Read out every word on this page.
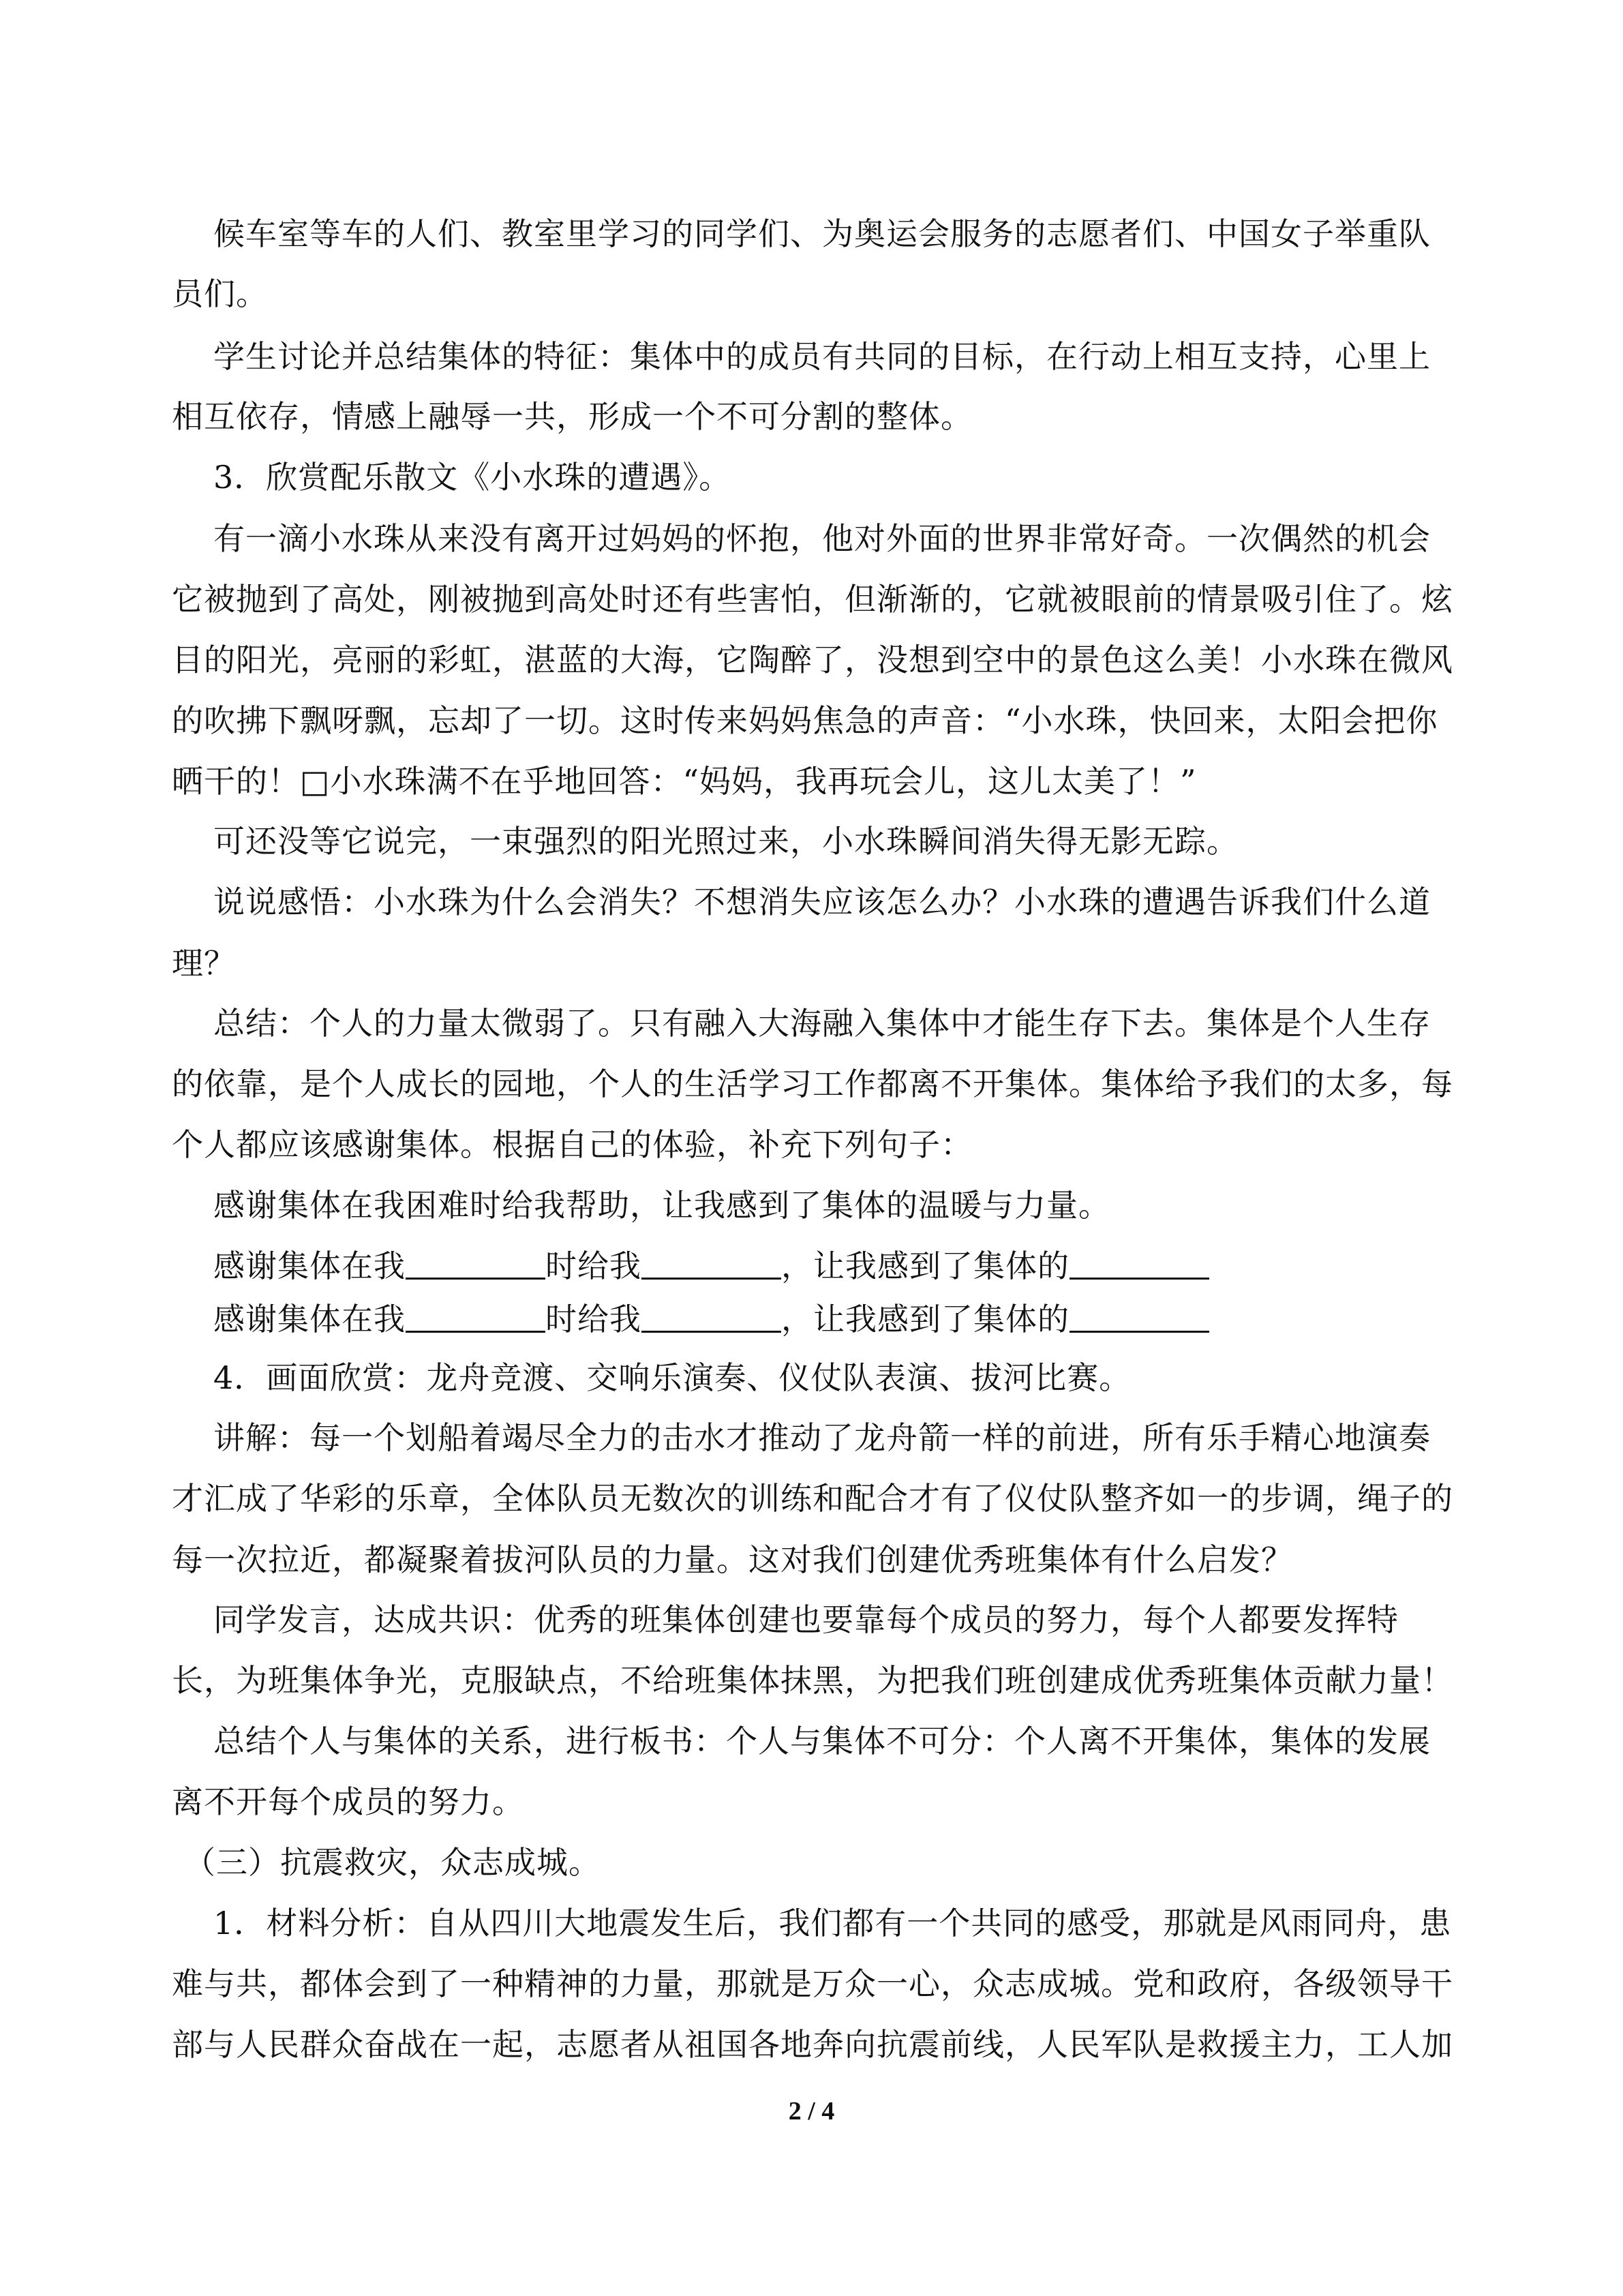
候车室等车的人们、教室里学习的同学们、为奥运会服务的志愿者们、中国女子举重队
员们。
学生讨论并总结集体的特征：集体中的成员有共同的目标，在行动上相互支持，心里上
相互依存，情感上融辱一共，形成一个不可分割的整体。
3．欣赏配乐散文《小水珠的遭遇》。
有一滴小水珠从来没有离开过妈妈的怀抱，他对外面的世界非常好奇。一次偶然的机会
它被抛到了高处，刚被抛到高处时还有些害怕，但渐渐的，它就被眼前的情景吸引住了。炫
目的阳光，亮丽的彩虹，湛蓝的大海，它陶醉了，没想到空中的景色这么美！小水珠在微风
的吹拂下飘呀飘，忘却了一切。这时传来妈妈焦急的声音：“小水珠，快回来，太阳会把你
晒干的！□小水珠满不在乎地回答：“妈妈，我再玩会儿，这儿太美了！”
可还没等它说完，一束强烈的阳光照过来，小水珠瞬间消失得无影无踪。
说说感悟：小水珠为什么会消失？不想消失应该怎么办？小水珠的遭遇告诉我们什么道
理？
总结：个人的力量太微弱了。只有融入大海融入集体中才能生存下去。集体是个人生存
的依靠，是个人成长的园地，个人的生活学习工作都离不开集体。集体给予我们的太多，每
个人都应该感谢集体。根据自己的体验，补充下列句子：
感谢集体在我困难时给我帮助，让我感到了集体的温暖与力量。
感谢集体在我	时给我	，让我感到了集体的
感谢集体在我	时给我	，让我感到了集体的
4．画面欣赏：龙舟竞渡、交响乐演奏、仪仗队表演、拔河比赛。
讲解：每一个划船着竭尽全力的击水才推动了龙舟箭一样的前进，所有乐手精心地演奏
才汇成了华彩的乐章，全体队员无数次的训练和配合才有了仪仗队整齐如一的步调，绳子的
每一次拉近，都凝聚着拔河队员的力量。这对我们创建优秀班集体有什么启发？
同学发言，达成共识：优秀的班集体创建也要靠每个成员的努力，每个人都要发挥特
长，为班集体争光，克服缺点，不给班集体抹黑，为把我们班创建成优秀班集体贡献力量！
总结个人与集体的关系，进行板书：个人与集体不可分：个人离不开集体，集体的发展
离不开每个成员的努力。
（三）抗震救灾，众志成城。
1．材料分析：自从四川大地震发生后，我们都有一个共同的感受，那就是风雨同舟，患
难与共，都体会到了一种精神的力量，那就是万众一心，众志成城。党和政府，各级领导干
部与人民群众奋战在一起，志愿者从祖国各地奔向抗震前线，人民军队是救援主力，工人加
2 / 4
